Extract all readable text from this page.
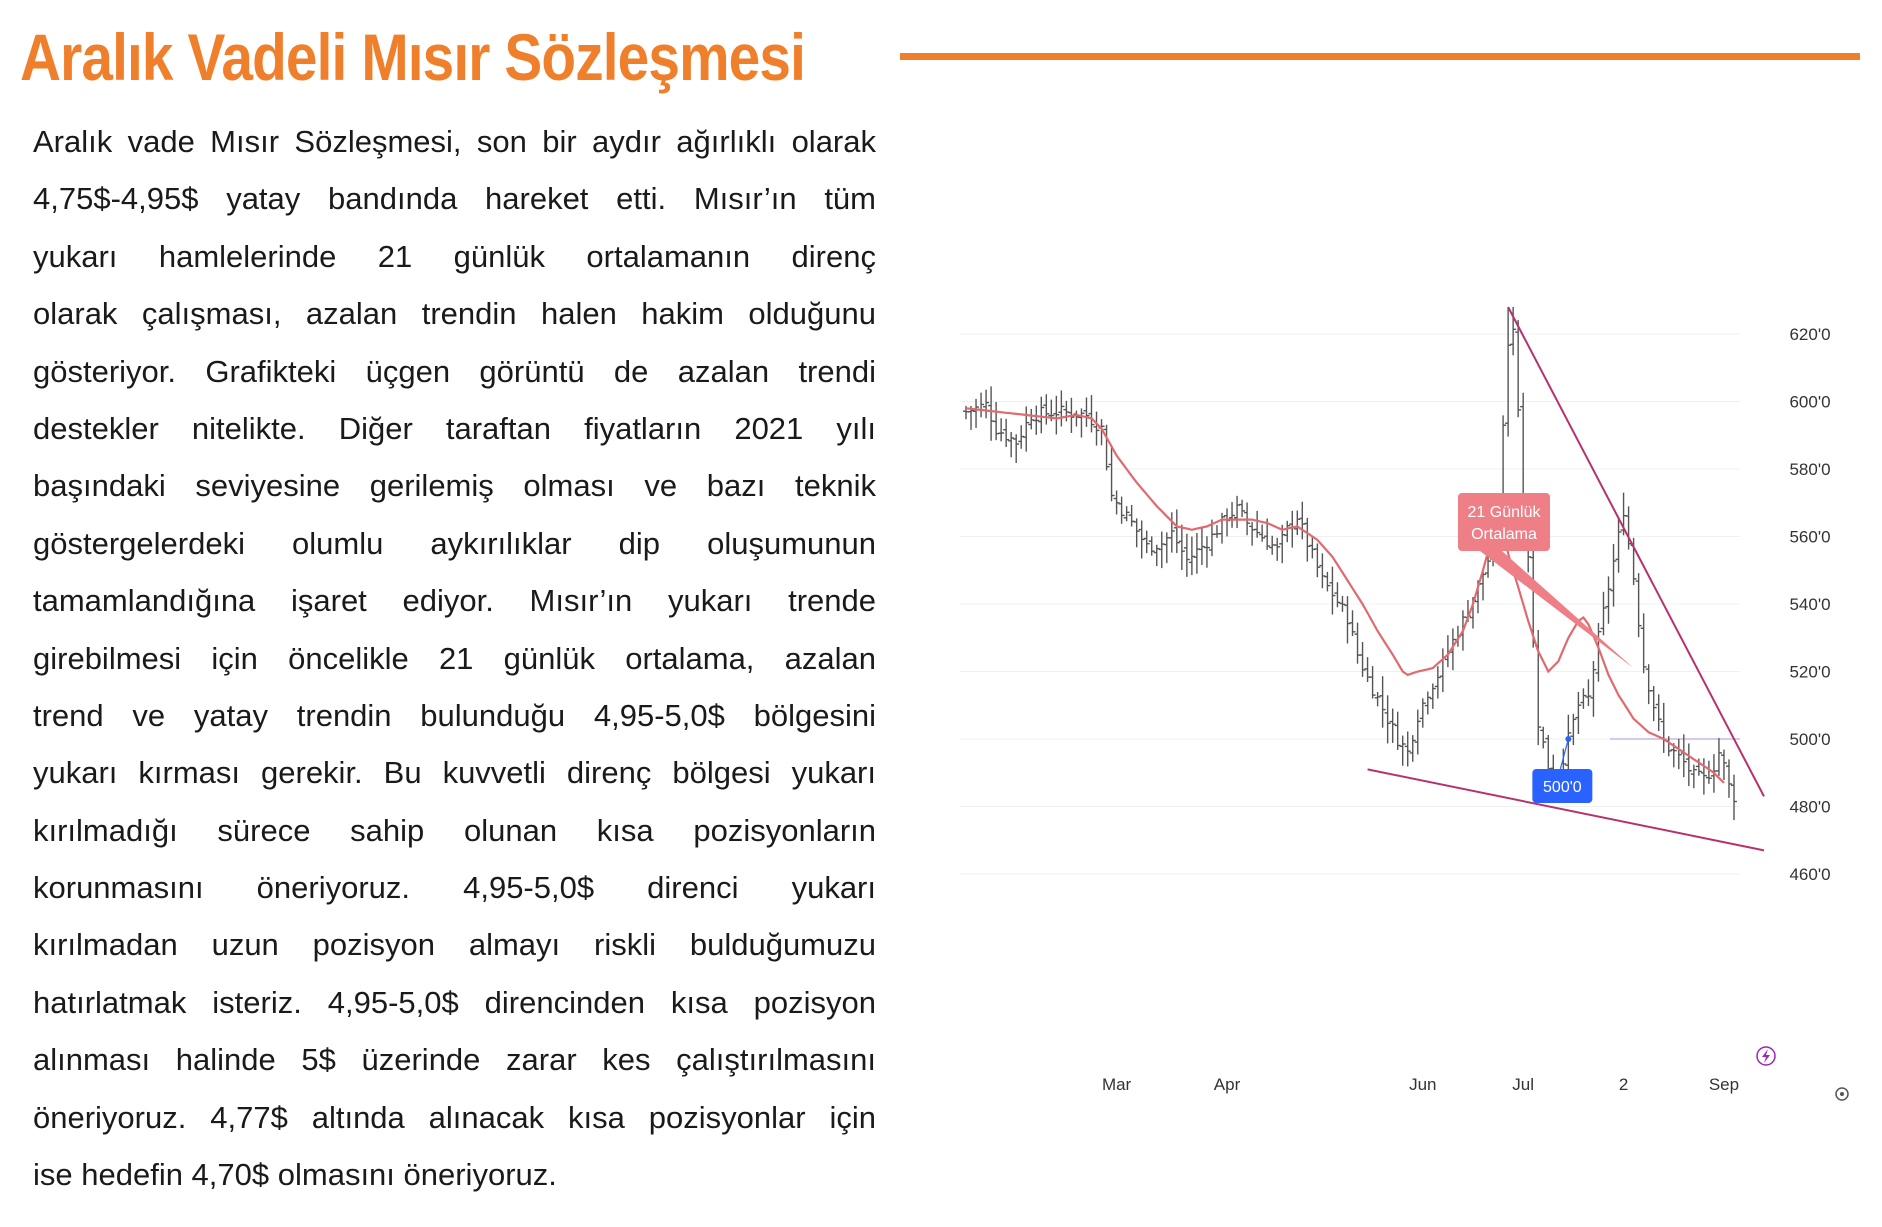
Aralık Vadeli Mısır Sözleşmesi
Aralık vade Mısır Sözleşmesi, son bir aydır ağırlıklı olarak
4,75$-4,95$ yatay bandında hareket etti. Mısır’ın tüm
yukarı hamlelerinde 21 günlük ortalamanın direnç
olarak çalışması, azalan trendin halen hakim olduğunu
gösteriyor. Grafikteki üçgen görüntü de azalan trendi
destekler nitelikte. Diğer taraftan fiyatların 2021 yılı
başındaki seviyesine gerilemiş olması ve bazı teknik
göstergelerdeki olumlu aykırılıklar dip oluşumunun
tamamlandığına işaret ediyor. Mısır’ın yukarı trende
girebilmesi için öncelikle 21 günlük ortalama, azalan
trend ve yatay trendin bulunduğu 4,95-5,0$ bölgesini
yukarı kırması gerekir. Bu kuvvetli direnç bölgesi yukarı
kırılmadığı sürece sahip olunan kısa pozisyonların
korunmasını öneriyoruz. 4,95-5,0$ direnci yukarı
kırılmadan uzun pozisyon almayı riskli bulduğumuzu
hatırlatmak isteriz. 4,95-5,0$ direncinden kısa pozisyon
alınması halinde 5$ üzerinde zarar kes çalıştırılmasını
öneriyoruz. 4,77$ altında alınacak kısa pozisyonlar için
ise hedefin 4,70$ olmasını öneriyoruz.
620'0
600'0
580'0
560'0
540'0
520'0
500'0
480'0
460'0
Mar	Apr	Jun	Jul	2	Sep
500'0
21 Günlük
Ortalama
